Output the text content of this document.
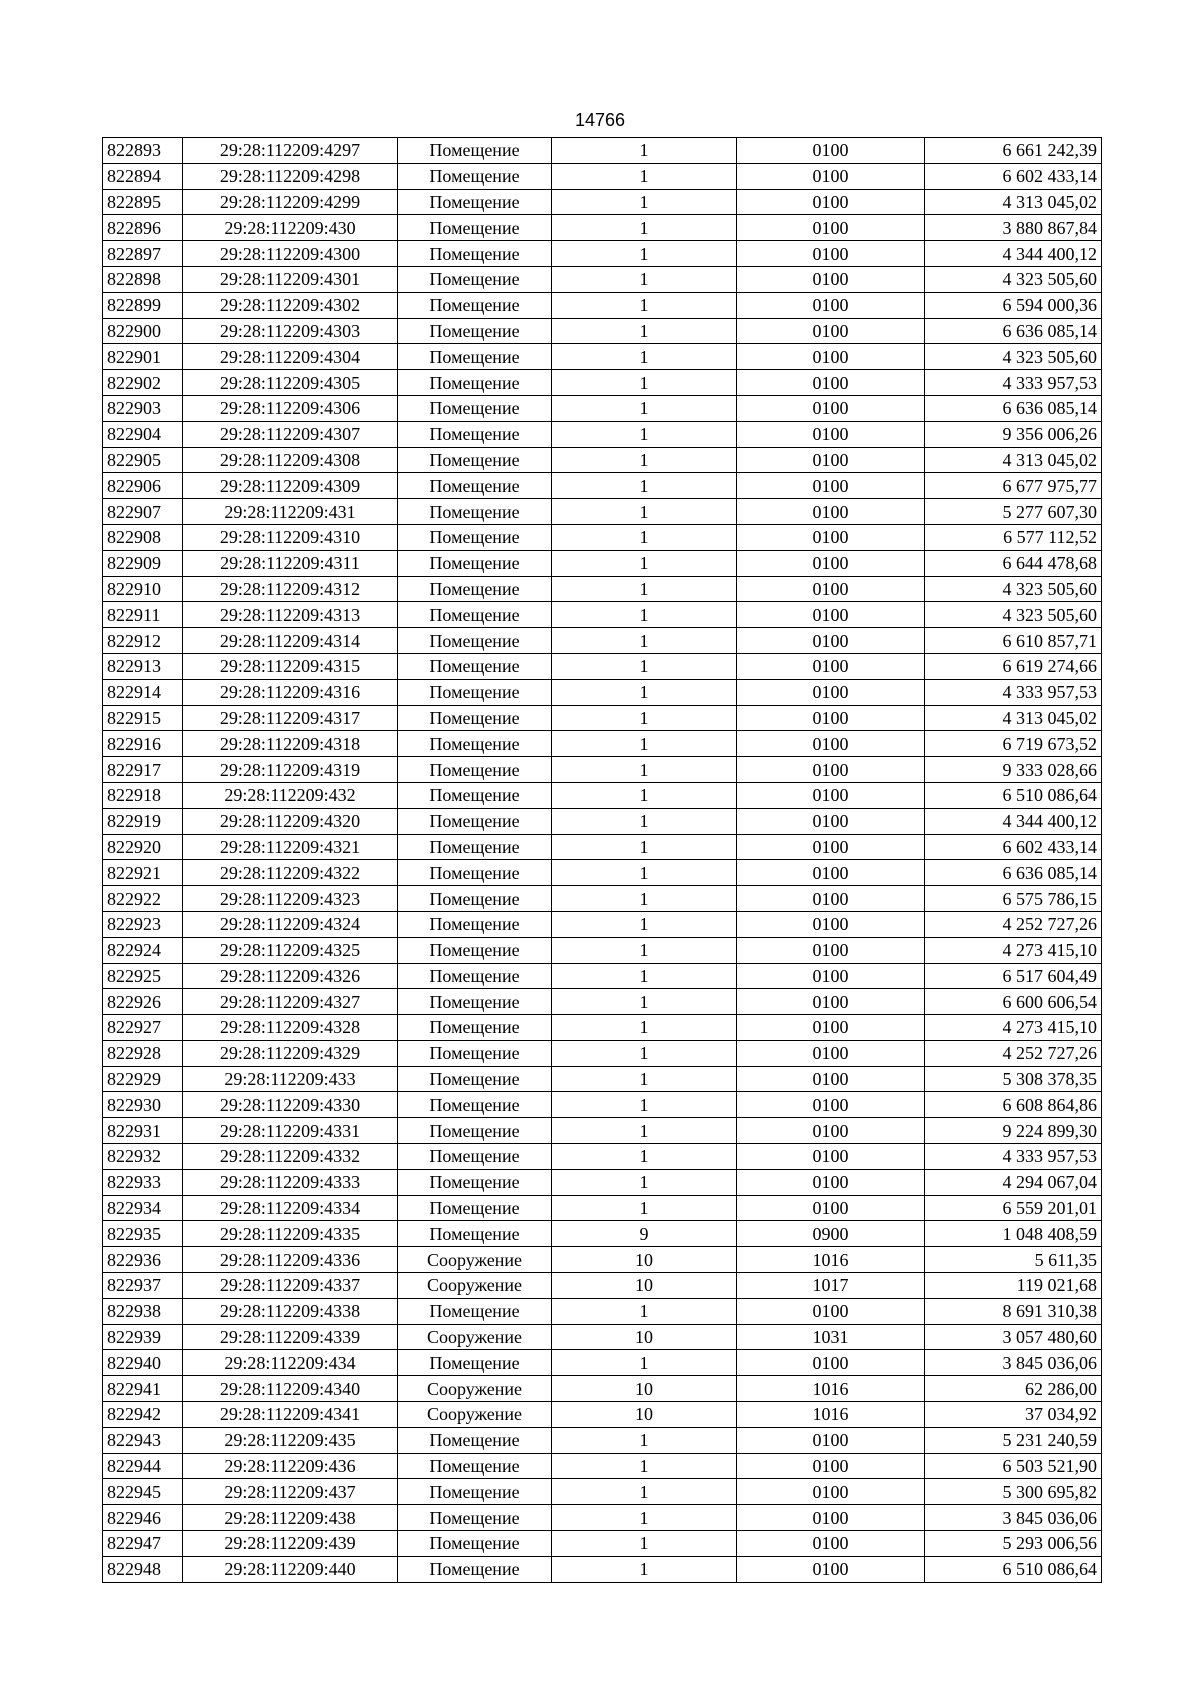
14766
822893	29:28:112209:4297	Помещение	1	0100	6 661 242,39
822894	29:28:112209:4298	Помещение	1	0100	6 602 433,14
822895	29:28:112209:4299	Помещение	1	0100	4 313 045,02
822896	29:28:112209:430	Помещение	1	0100	3 880 867,84
822897	29:28:112209:4300	Помещение	1	0100	4 344 400,12
822898	29:28:112209:4301	Помещение	1	0100	4 323 505,60
822899	29:28:112209:4302	Помещение	1	0100	6 594 000,36
822900	29:28:112209:4303	Помещение	1	0100	6 636 085,14
822901	29:28:112209:4304	Помещение	1	0100	4 323 505,60
822902	29:28:112209:4305	Помещение	1	0100	4 333 957,53
822903	29:28:112209:4306	Помещение	1	0100	6 636 085,14
822904	29:28:112209:4307	Помещение	1	0100	9 356 006,26
822905	29:28:112209:4308	Помещение	1	0100	4 313 045,02
822906	29:28:112209:4309	Помещение	1	0100	6 677 975,77
822907	29:28:112209:431	Помещение	1	0100	5 277 607,30
822908	29:28:112209:4310	Помещение	1	0100	6 577 112,52
822909	29:28:112209:4311	Помещение	1	0100	6 644 478,68
822910	29:28:112209:4312	Помещение	1	0100	4 323 505,60
822911	29:28:112209:4313	Помещение	1	0100	4 323 505,60
822912	29:28:112209:4314	Помещение	1	0100	6 610 857,71
822913	29:28:112209:4315	Помещение	1	0100	6 619 274,66
822914	29:28:112209:4316	Помещение	1	0100	4 333 957,53
822915	29:28:112209:4317	Помещение	1	0100	4 313 045,02
822916	29:28:112209:4318	Помещение	1	0100	6 719 673,52
822917	29:28:112209:4319	Помещение	1	0100	9 333 028,66
822918	29:28:112209:432	Помещение	1	0100	6 510 086,64
822919	29:28:112209:4320	Помещение	1	0100	4 344 400,12
822920	29:28:112209:4321	Помещение	1	0100	6 602 433,14
822921	29:28:112209:4322	Помещение	1	0100	6 636 085,14
822922	29:28:112209:4323	Помещение	1	0100	6 575 786,15
822923	29:28:112209:4324	Помещение	1	0100	4 252 727,26
822924	29:28:112209:4325	Помещение	1	0100	4 273 415,10
822925	29:28:112209:4326	Помещение	1	0100	6 517 604,49
822926	29:28:112209:4327	Помещение	1	0100	6 600 606,54
822927	29:28:112209:4328	Помещение	1	0100	4 273 415,10
822928	29:28:112209:4329	Помещение	1	0100	4 252 727,26
822929	29:28:112209:433	Помещение	1	0100	5 308 378,35
822930	29:28:112209:4330	Помещение	1	0100	6 608 864,86
822931	29:28:112209:4331	Помещение	1	0100	9 224 899,30
822932	29:28:112209:4332	Помещение	1	0100	4 333 957,53
822933	29:28:112209:4333	Помещение	1	0100	4 294 067,04
822934	29:28:112209:4334	Помещение	1	0100	6 559 201,01
822935	29:28:112209:4335	Помещение	9	0900	1 048 408,59
822936	29:28:112209:4336	Сооружение	10	1016	5 611,35
822937	29:28:112209:4337	Сооружение	10	1017	119 021,68
822938	29:28:112209:4338	Помещение	1	0100	8 691 310,38
822939	29:28:112209:4339	Сооружение	10	1031	3 057 480,60
822940	29:28:112209:434	Помещение	1	0100	3 845 036,06
822941	29:28:112209:4340	Сооружение	10	1016	62 286,00
822942	29:28:112209:4341	Сооружение	10	1016	37 034,92
822943	29:28:112209:435	Помещение	1	0100	5 231 240,59
822944	29:28:112209:436	Помещение	1	0100	6 503 521,90
822945	29:28:112209:437	Помещение	1	0100	5 300 695,82
822946	29:28:112209:438	Помещение	1	0100	3 845 036,06
822947	29:28:112209:439	Помещение	1	0100	5 293 006,56
822948	29:28:112209:440	Помещение	1	0100	6 510 086,64
